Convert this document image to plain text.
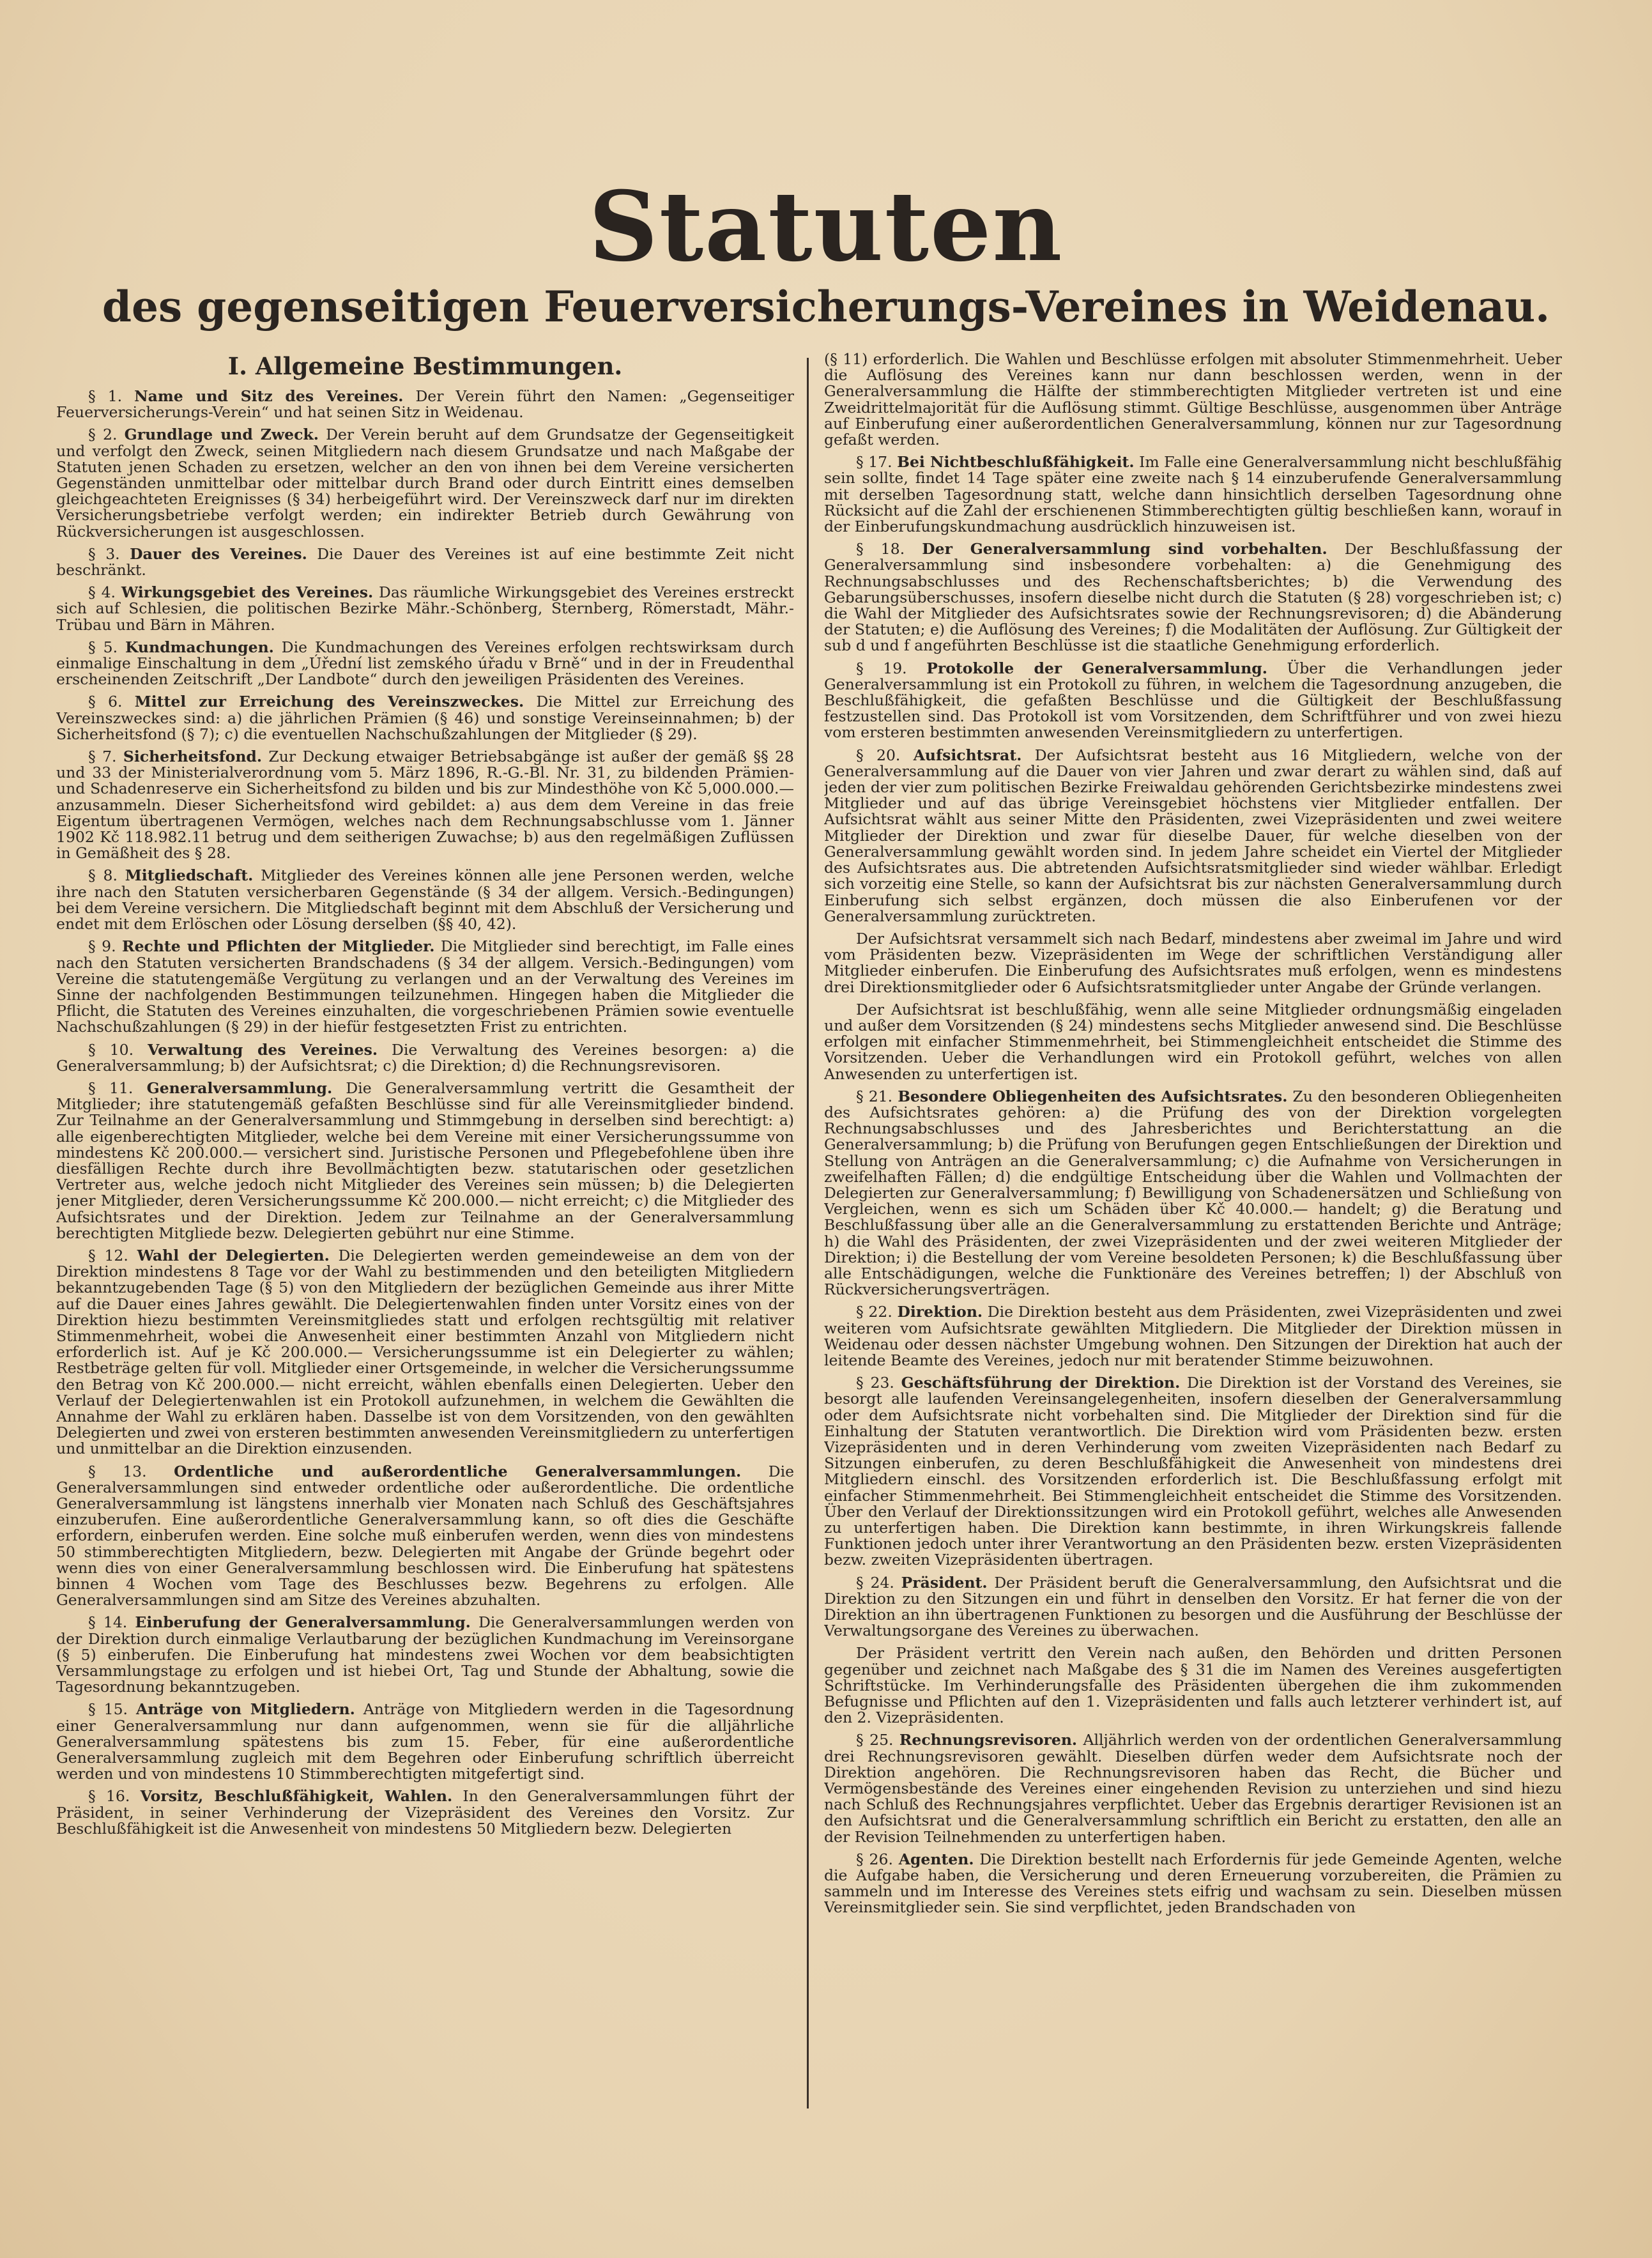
Statuten
des gegenseitigen Feuerversicherungs-Vereines in Weidenau.
I. Allgemeine Bestimmungen.

§ 1. Name und Sitz des Vereines. Der Verein führt den Namen: „Gegenseitiger Feuerversicherungs-Verein“ und hat seinen Sitz in Weidenau.

§ 2. Grundlage und Zweck. Der Verein beruht auf dem Grundsatze der Gegenseitigkeit und verfolgt den Zweck, seinen Mitgliedern nach diesem Grundsatze und nach Maßgabe der Statuten jenen Schaden zu ersetzen, welcher an den von ihnen bei dem Vereine versicherten Gegenständen unmittelbar oder mittelbar durch Brand oder durch Eintritt eines demselben gleichgeachteten Ereignisses (§ 34) herbeigeführt wird. Der Vereinszweck darf nur im direkten Versicherungsbetriebe verfolgt werden; ein indirekter Betrieb durch Gewährung von Rückversicherungen ist ausgeschlossen.

§ 3. Dauer des Vereines. Die Dauer des Vereines ist auf eine bestimmte Zeit nicht beschränkt.

§ 4. Wirkungsgebiet des Vereines. Das räumliche Wirkungsgebiet des Vereines erstreckt sich auf Schlesien, die politischen Bezirke Mähr.-Schönberg, Sternberg, Römerstadt, Mähr.-Trübau und Bärn in Mähren.

§ 5. Kundmachungen. Die Kundmachungen des Vereines erfolgen rechtswirksam durch einmalige Einschaltung in dem „Úřední list zemského úřadu v Brně“ und in der in Freudenthal erscheinenden Zeitschrift „Der Landbote“ durch den jeweiligen Präsidenten des Vereines.

§ 6. Mittel zur Erreichung des Vereinszweckes. Die Mittel zur Erreichung des Vereinszweckes sind: a) die jährlichen Prämien (§ 46) und sonstige Vereinseinnahmen; b) der Sicherheitsfond (§ 7); c) die eventuellen Nachschußzahlungen der Mitglieder (§ 29).

§ 7. Sicherheitsfond. Zur Deckung etwaiger Betriebsabgänge ist außer der gemäß §§ 28 und 33 der Ministerialverordnung vom 5. März 1896, R.-G.-Bl. Nr. 31, zu bildenden Prämien- und Schadenreserve ein Sicherheitsfond zu bilden und bis zur Mindesthöhe von Kč 5,000.000.— anzusammeln. Dieser Sicherheitsfond wird gebildet: a) aus dem dem Vereine in das freie Eigentum übertragenen Vermögen, welches nach dem Rechnungsabschlusse vom 1. Jänner 1902 Kč 118.982.11 betrug und dem seitherigen Zuwachse; b) aus den regelmäßigen Zuflüssen in Gemäßheit des § 28.

§ 8. Mitgliedschaft. Mitglieder des Vereines können alle jene Personen werden, welche ihre nach den Statuten versicherbaren Gegenstände (§ 34 der allgem. Versich.-Bedingungen) bei dem Vereine versichern. Die Mitgliedschaft beginnt mit dem Abschluß der Versicherung und endet mit dem Erlöschen oder Lösung derselben (§§ 40, 42).

§ 9. Rechte und Pflichten der Mitglieder. Die Mitglieder sind berechtigt, im Falle eines nach den Statuten versicherten Brandschadens (§ 34 der allgem. Versich.-Bedingungen) vom Vereine die statutengemäße Vergütung zu verlangen und an der Verwaltung des Vereines im Sinne der nachfolgenden Bestimmungen teilzunehmen. Hingegen haben die Mitglieder die Pflicht, die Statuten des Vereines einzuhalten, die vorgeschriebenen Prämien sowie eventuelle Nachschußzahlungen (§ 29) in der hiefür festgesetzten Frist zu entrichten.

§ 10. Verwaltung des Vereines. Die Verwaltung des Vereines besorgen: a) die Generalversammlung; b) der Aufsichtsrat; c) die Direktion; d) die Rechnungsrevisoren.

§ 11. Generalversammlung. Die Generalversammlung vertritt die Gesamtheit der Mitglieder; ihre statutengemäß gefaßten Beschlüsse sind für alle Vereinsmitglieder bindend. Zur Teilnahme an der Generalversammlung und Stimmgebung in derselben sind berechtigt: a) alle eigenberechtigten Mitglieder, welche bei dem Vereine mit einer Versicherungssumme von mindestens Kč 200.000.— versichert sind. Juristische Personen und Pflegebefohlene üben ihre diesfälligen Rechte durch ihre Bevollmächtigten bezw. statutarischen oder gesetzlichen Vertreter aus, welche jedoch nicht Mitglieder des Vereines sein müssen; b) die Delegierten jener Mitglieder, deren Versicherungssumme Kč 200.000.— nicht erreicht; c) die Mitglieder des Aufsichtsrates und der Direktion. Jedem zur Teilnahme an der Generalversammlung berechtigten Mitgliede bezw. Delegierten gebührt nur eine Stimme.

§ 12. Wahl der Delegierten. Die Delegierten werden gemeindeweise an dem von der Direktion mindestens 8 Tage vor der Wahl zu bestimmenden und den beteiligten Mitgliedern bekanntzugebenden Tage (§ 5) von den Mitgliedern der bezüglichen Gemeinde aus ihrer Mitte auf die Dauer eines Jahres gewählt. Die Delegiertenwahlen finden unter Vorsitz eines von der Direktion hiezu bestimmten Vereinsmitgliedes statt und erfolgen rechtsgültig mit relativer Stimmenmehrheit, wobei die Anwesenheit einer bestimmten Anzahl von Mitgliedern nicht erforderlich ist. Auf je Kč 200.000.— Versicherungssumme ist ein Delegierter zu wählen; Restbeträge gelten für voll. Mitglieder einer Ortsgemeinde, in welcher die Versicherungssumme den Betrag von Kč 200.000.— nicht erreicht, wählen ebenfalls einen Delegierten. Ueber den Verlauf der Delegiertenwahlen ist ein Protokoll aufzunehmen, in welchem die Gewählten die Annahme der Wahl zu erklären haben. Dasselbe ist von dem Vorsitzenden, von den gewählten Delegierten und zwei von ersteren bestimmten anwesenden Vereinsmitgliedern zu unterfertigen und unmittelbar an die Direktion einzusenden.

§ 13. Ordentliche und außerordentliche Generalversammlungen. Die Generalversammlungen sind entweder ordentliche oder außerordentliche. Die ordentliche Generalversammlung ist längstens innerhalb vier Monaten nach Schluß des Geschäftsjahres einzuberufen. Eine außerordentliche Generalversammlung kann, so oft dies die Geschäfte erfordern, einberufen werden. Eine solche muß einberufen werden, wenn dies von mindestens 50 stimmberechtigten Mitgliedern, bezw. Delegierten mit Angabe der Gründe begehrt oder wenn dies von einer Generalversammlung beschlossen wird. Die Einberufung hat spätestens binnen 4 Wochen vom Tage des Beschlusses bezw. Begehrens zu erfolgen. Alle Generalversammlungen sind am Sitze des Vereines abzuhalten.

§ 14. Einberufung der Generalversammlung. Die Generalversammlungen werden von der Direktion durch einmalige Verlautbarung der bezüglichen Kundmachung im Vereinsorgane (§ 5) einberufen. Die Einberufung hat mindestens zwei Wochen vor dem beabsichtigten Versammlungstage zu erfolgen und ist hiebei Ort, Tag und Stunde der Abhaltung, sowie die Tagesordnung bekanntzugeben.

§ 15. Anträge von Mitgliedern. Anträge von Mitgliedern werden in die Tagesordnung einer Generalversammlung nur dann aufgenommen, wenn sie für die alljährliche Generalversammlung spätestens bis zum 15. Feber, für eine außerordentliche Generalversammlung zugleich mit dem Begehren oder Einberufung schriftlich überreicht werden und von mindestens 10 Stimmberechtigten mitgefertigt sind.

§ 16. Vorsitz, Beschlußfähigkeit, Wahlen. In den Generalversammlungen führt der Präsident, in seiner Verhinderung der Vizepräsident des Vereines den Vorsitz. Zur Beschlußfähigkeit ist die Anwesenheit von mindestens 50 Mitgliedern bezw. Delegierten

(§ 11) erforderlich. Die Wahlen und Beschlüsse erfolgen mit absoluter Stimmenmehrheit. Ueber die Auflösung des Vereines kann nur dann beschlossen werden, wenn in der Generalversammlung die Hälfte der stimmberechtigten Mitglieder vertreten ist und eine Zweidrittelmajorität für die Auflösung stimmt. Gültige Beschlüsse, ausgenommen über Anträge auf Einberufung einer außerordentlichen Generalversammlung, können nur zur Tagesordnung gefaßt werden.

§ 17. Bei Nichtbeschlußfähigkeit. Im Falle eine Generalversammlung nicht beschlußfähig sein sollte, findet 14 Tage später eine zweite nach § 14 einzuberufende Generalversammlung mit derselben Tagesordnung statt, welche dann hinsichtlich derselben Tagesordnung ohne Rücksicht auf die Zahl der erschienenen Stimmberechtigten gültig beschließen kann, worauf in der Einberufungskundmachung ausdrücklich hinzuweisen ist.

§ 18. Der Generalversammlung sind vorbehalten. Der Beschlußfassung der Generalversammlung sind insbesondere vorbehalten: a) die Genehmigung des Rechnungsabschlusses und des Rechenschaftsberichtes; b) die Verwendung des Gebarungsüberschusses, insofern dieselbe nicht durch die Statuten (§ 28) vorgeschrieben ist; c) die Wahl der Mitglieder des Aufsichtsrates sowie der Rechnungsrevisoren; d) die Abänderung der Statuten; e) die Auflösung des Vereines; f) die Modalitäten der Auflösung. Zur Gültigkeit der sub d und f angeführten Beschlüsse ist die staatliche Genehmigung erforderlich.

§ 19. Protokolle der Generalversammlung. Über die Verhandlungen jeder Generalversammlung ist ein Protokoll zu führen, in welchem die Tagesordnung anzugeben, die Beschlußfähigkeit, die gefaßten Beschlüsse und die Gültigkeit der Beschlußfassung festzustellen sind. Das Protokoll ist vom Vorsitzenden, dem Schriftführer und von zwei hiezu vom ersteren bestimmten anwesenden Vereinsmitgliedern zu unterfertigen.

§ 20. Aufsichtsrat. Der Aufsichtsrat besteht aus 16 Mitgliedern, welche von der Generalversammlung auf die Dauer von vier Jahren und zwar derart zu wählen sind, daß auf jeden der vier zum politischen Bezirke Freiwaldau gehörenden Gerichtsbezirke mindestens zwei Mitglieder und auf das übrige Vereinsgebiet höchstens vier Mitglieder entfallen. Der Aufsichtsrat wählt aus seiner Mitte den Präsidenten, zwei Vizepräsidenten und zwei weitere Mitglieder der Direktion und zwar für dieselbe Dauer, für welche dieselben von der Generalversammlung gewählt worden sind. In jedem Jahre scheidet ein Viertel der Mitglieder des Aufsichtsrates aus. Die abtretenden Aufsichtsratsmitglieder sind wieder wählbar. Erledigt sich vorzeitig eine Stelle, so kann der Aufsichtsrat bis zur nächsten Generalversammlung durch Einberufung sich selbst ergänzen, doch müssen die also Einberufenen vor der Generalversammlung zurücktreten.

Der Aufsichtsrat versammelt sich nach Bedarf, mindestens aber zweimal im Jahre und wird vom Präsidenten bezw. Vizepräsidenten im Wege der schriftlichen Verständigung aller Mitglieder einberufen. Die Einberufung des Aufsichtsrates muß erfolgen, wenn es mindestens drei Direktionsmitglieder oder 6 Aufsichtsratsmitglieder unter Angabe der Gründe verlangen.

Der Aufsichtsrat ist beschlußfähig, wenn alle seine Mitglieder ordnungsmäßig eingeladen und außer dem Vorsitzenden (§ 24) mindestens sechs Mitglieder anwesend sind. Die Beschlüsse erfolgen mit einfacher Stimmenmehrheit, bei Stimmengleichheit entscheidet die Stimme des Vorsitzenden. Ueber die Verhandlungen wird ein Protokoll geführt, welches von allen Anwesenden zu unterfertigen ist.

§ 21. Besondere Obliegenheiten des Aufsichtsrates. Zu den besonderen Obliegenheiten des Aufsichtsrates gehören: a) die Prüfung des von der Direktion vorgelegten Rechnungsabschlusses und des Jahresberichtes und Berichterstattung an die Generalversammlung; b) die Prüfung von Berufungen gegen Entschließungen der Direktion und Stellung von Anträgen an die Generalversammlung; c) die Aufnahme von Versicherungen in zweifelhaften Fällen; d) die endgültige Entscheidung über die Wahlen und Vollmachten der Delegierten zur Generalversammlung; f) Bewilligung von Schadenersätzen und Schließung von Vergleichen, wenn es sich um Schäden über Kč 40.000.— handelt; g) die Beratung und Beschlußfassung über alle an die Generalversammlung zu erstattenden Berichte und Anträge; h) die Wahl des Präsidenten, der zwei Vizepräsidenten und der zwei weiteren Mitglieder der Direktion; i) die Bestellung der vom Vereine besoldeten Personen; k) die Beschlußfassung über alle Entschädigungen, welche die Funktionäre des Vereines betreffen; l) der Abschluß von Rückversicherungsverträgen.

§ 22. Direktion. Die Direktion besteht aus dem Präsidenten, zwei Vizepräsidenten und zwei weiteren vom Aufsichtsrate gewählten Mitgliedern. Die Mitglieder der Direktion müssen in Weidenau oder dessen nächster Umgebung wohnen. Den Sitzungen der Direktion hat auch der leitende Beamte des Vereines, jedoch nur mit beratender Stimme beizuwohnen.

§ 23. Geschäftsführung der Direktion. Die Direktion ist der Vorstand des Vereines, sie besorgt alle laufenden Vereinsangelegenheiten, insofern dieselben der Generalversammlung oder dem Aufsichtsrate nicht vorbehalten sind. Die Mitglieder der Direktion sind für die Einhaltung der Statuten verantwortlich. Die Direktion wird vom Präsidenten bezw. ersten Vizepräsidenten und in deren Verhinderung vom zweiten Vizepräsidenten nach Bedarf zu Sitzungen einberufen, zu deren Beschlußfähigkeit die Anwesenheit von mindestens drei Mitgliedern einschl. des Vorsitzenden erforderlich ist. Die Beschlußfassung erfolgt mit einfacher Stimmenmehrheit. Bei Stimmengleichheit entscheidet die Stimme des Vorsitzenden. Über den Verlauf der Direktionssitzungen wird ein Protokoll geführt, welches alle Anwesenden zu unterfertigen haben. Die Direktion kann bestimmte, in ihren Wirkungskreis fallende Funktionen jedoch unter ihrer Verantwortung an den Präsidenten bezw. ersten Vizepräsidenten bezw. zweiten Vizepräsidenten übertragen.

§ 24. Präsident. Der Präsident beruft die Generalversammlung, den Aufsichtsrat und die Direktion zu den Sitzungen ein und führt in denselben den Vorsitz. Er hat ferner die von der Direktion an ihn übertragenen Funktionen zu besorgen und die Ausführung der Beschlüsse der Verwaltungsorgane des Vereines zu überwachen.

Der Präsident vertritt den Verein nach außen, den Behörden und dritten Personen gegenüber und zeichnet nach Maßgabe des § 31 die im Namen des Vereines ausgefertigten Schriftstücke. Im Verhinderungsfalle des Präsidenten übergehen die ihm zukommenden Befugnisse und Pflichten auf den 1. Vizepräsidenten und falls auch letzterer verhindert ist, auf den 2. Vizepräsidenten.

§ 25. Rechnungsrevisoren. Alljährlich werden von der ordentlichen Generalversammlung drei Rechnungsrevisoren gewählt. Dieselben dürfen weder dem Aufsichtsrate noch der Direktion angehören. Die Rechnungsrevisoren haben das Recht, die Bücher und Vermögensbestände des Vereines einer eingehenden Revision zu unterziehen und sind hiezu nach Schluß des Rechnungsjahres verpflichtet. Ueber das Ergebnis derartiger Revisionen ist an den Aufsichtsrat und die Generalversammlung schriftlich ein Bericht zu erstatten, den alle an der Revision Teilnehmenden zu unterfertigen haben.

§ 26. Agenten. Die Direktion bestellt nach Erfordernis für jede Gemeinde Agenten, welche die Aufgabe haben, die Versicherung und deren Erneuerung vorzubereiten, die Prämien zu sammeln und im Interesse des Vereines stets eifrig und wachsam zu sein. Dieselben müssen Vereinsmitglieder sein. Sie sind verpflichtet, jeden Brandschaden von
